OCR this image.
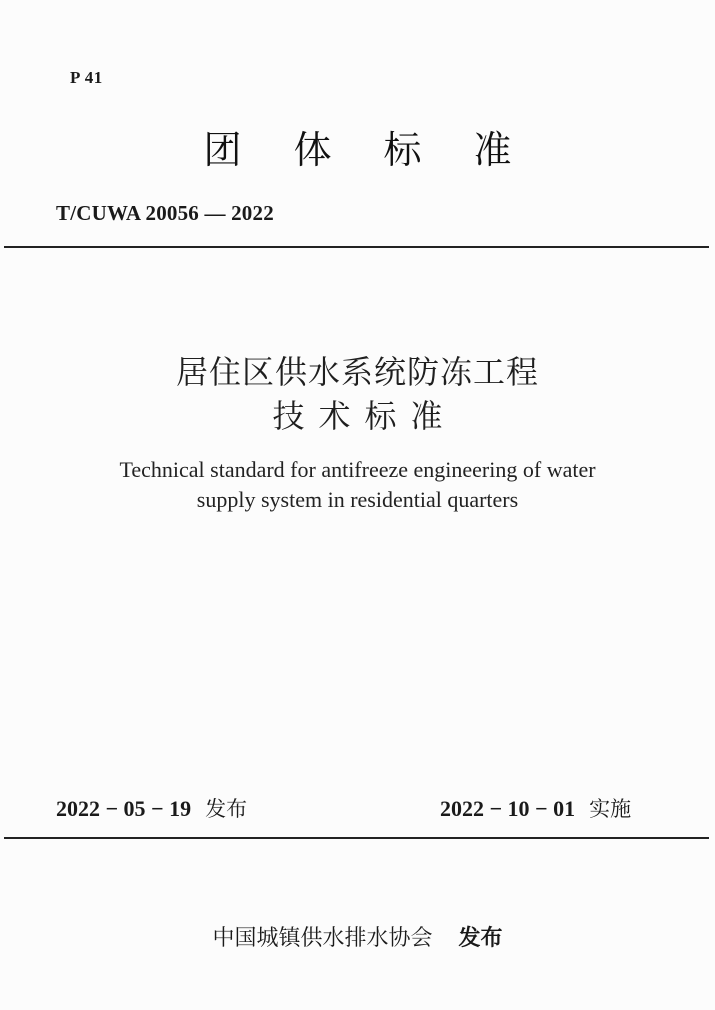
P 41
团体标准
T/CUWA 20056 — 2022
居住区供水系统防冻工程
技术标准
Technical standard for antifreeze engineering of water
supply system in residential quarters
2022 − 05 − 19 发布	2022 − 10 − 01 实施
中国城镇供水排水协会 发布
